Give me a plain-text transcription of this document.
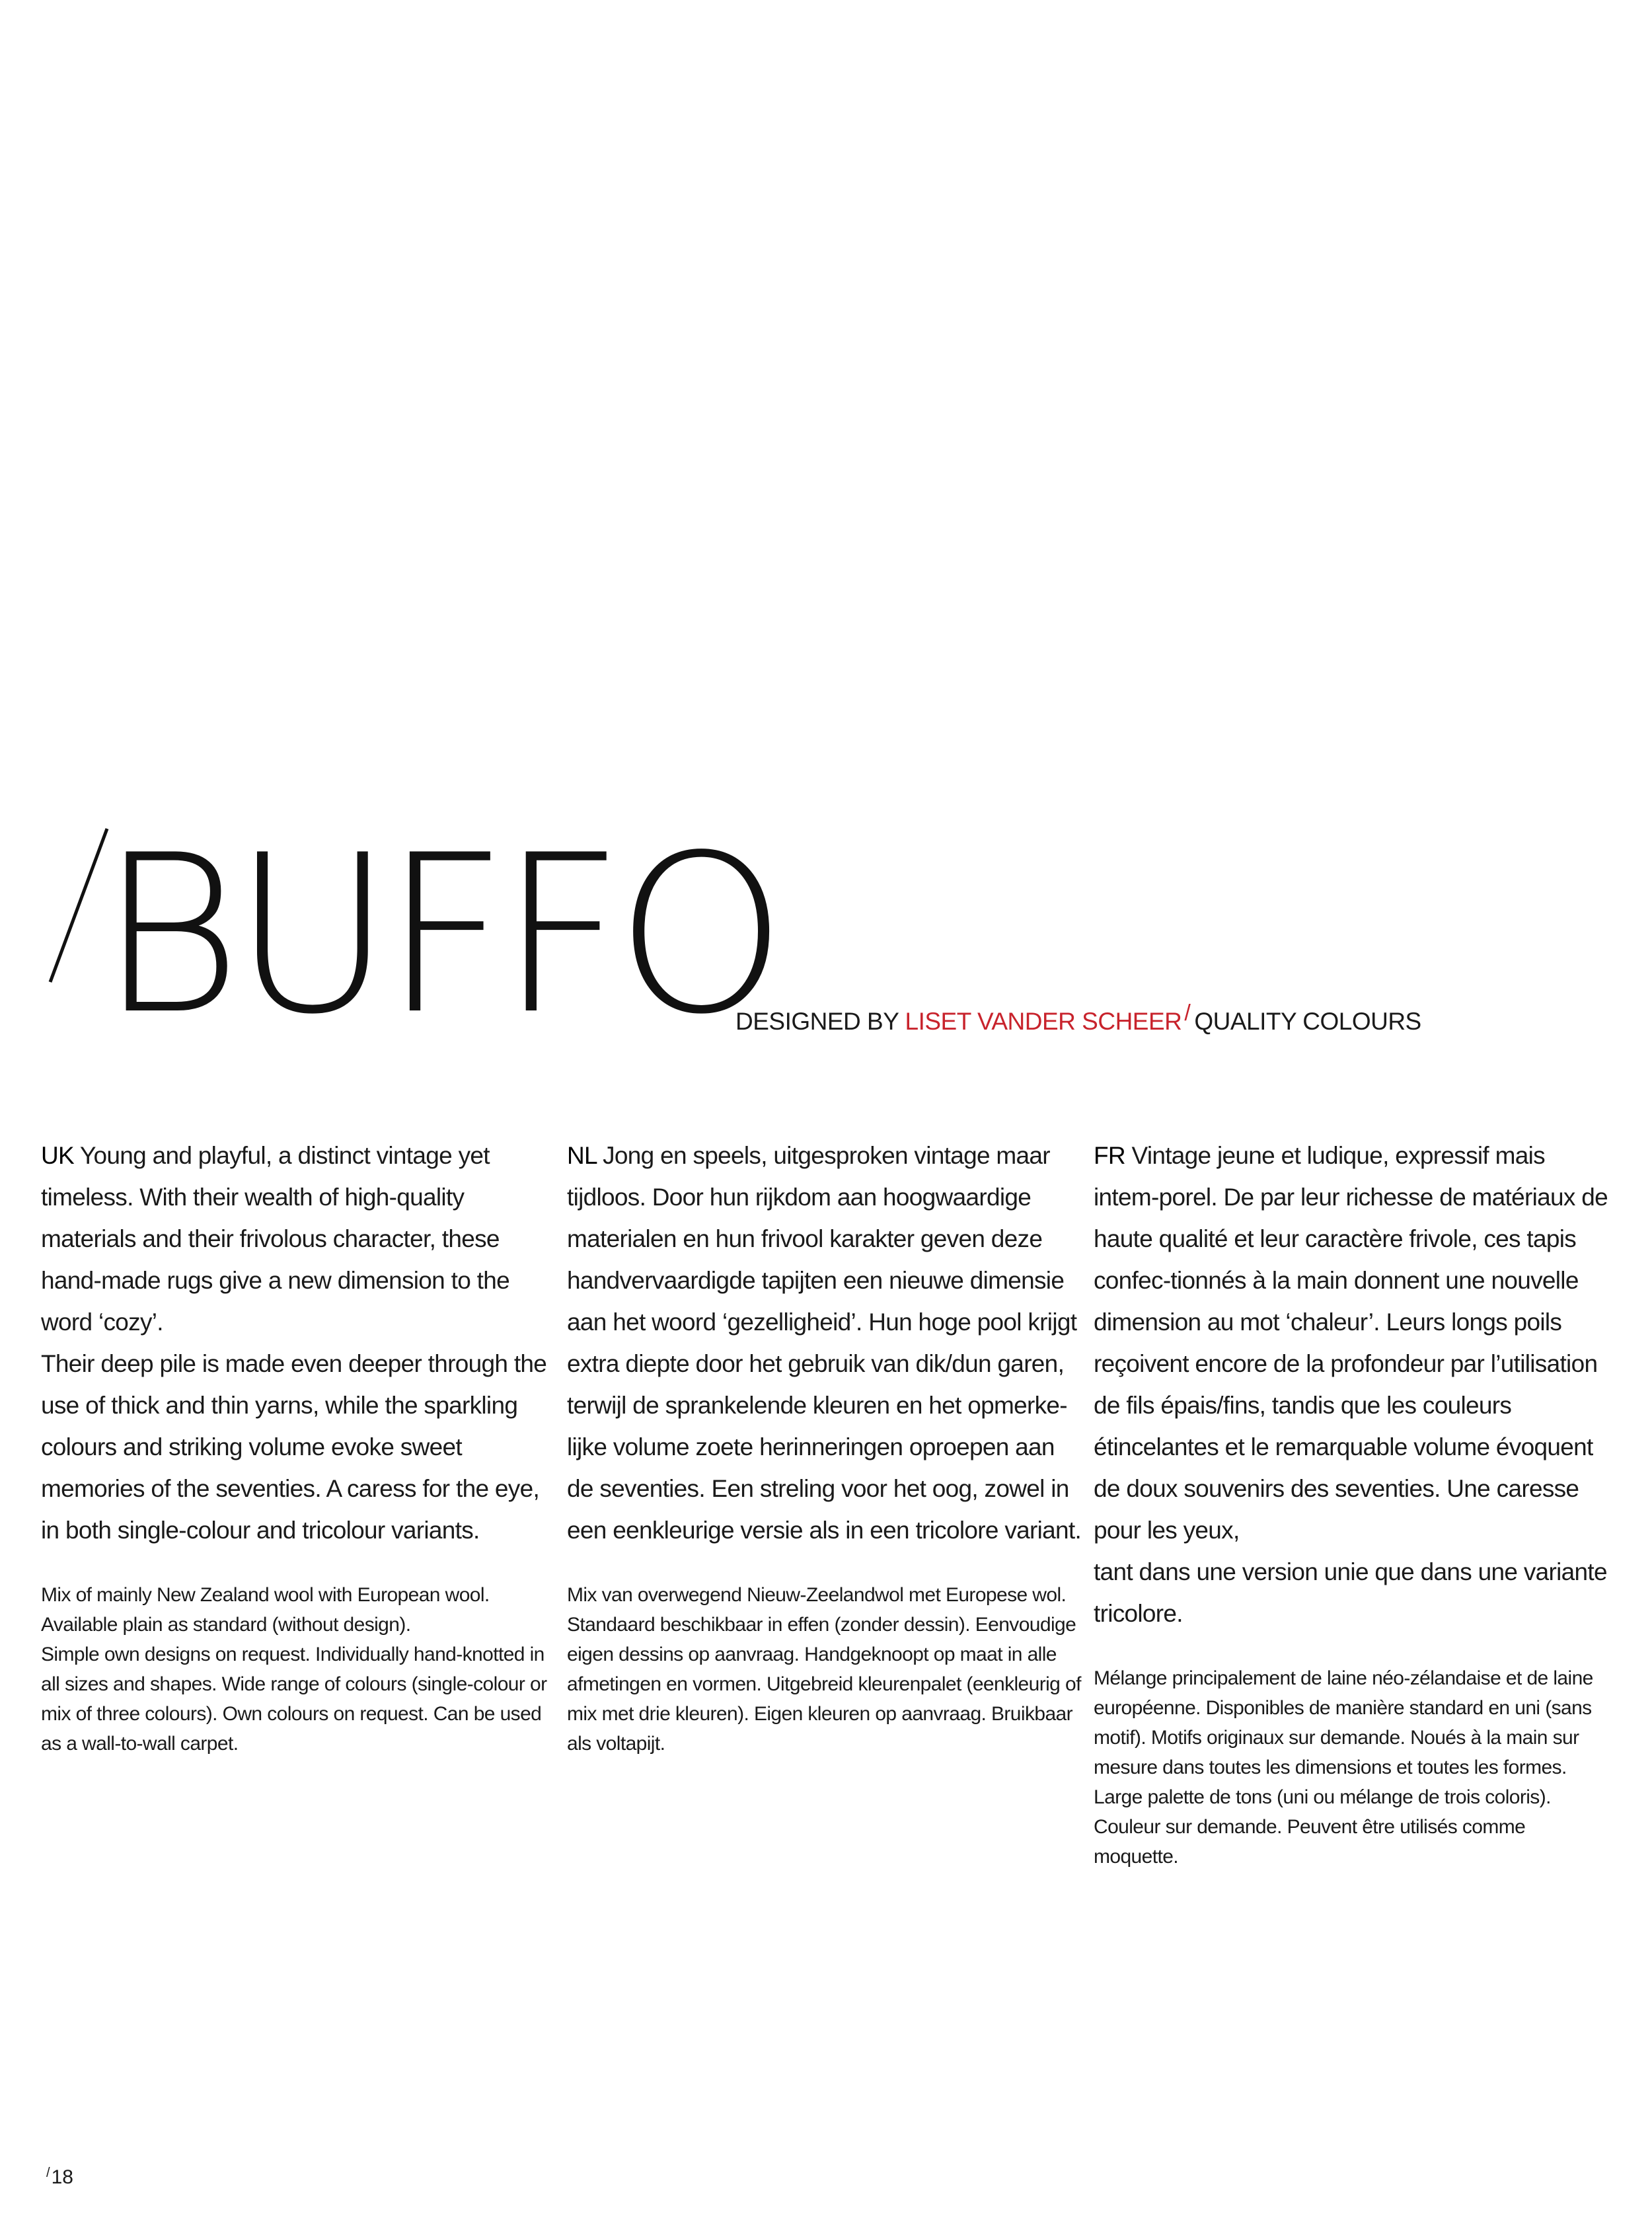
BUFFO
DESIGNED BY LISET VANDER SCHEER / QUALITY COLOURS

UK Young and playful, a distinct vintage yet timeless. With their wealth of high-quality materials and their frivolous character, these hand-made rugs give a new dimension to the word ‘cozy’.
Their deep pile is made even deeper through the use of thick and thin yarns, while the sparkling colours and striking volume evoke sweet memories of the seventies. A caress for the eye, in both single-colour and tricolour variants.

Mix of mainly New Zealand wool with European wool. Available plain as standard (without design).
Simple own designs on request. Individually hand-knotted in all sizes and shapes. Wide range of colours (single-colour or mix of three colours). Own colours on request. Can be used as a wall-to-wall carpet.

NL Jong en speels, uitgesproken vintage maar tijdloos. Door hun rijkdom aan hoogwaardige materialen en hun frivool karakter geven deze handvervaardigde tapijten een nieuwe dimensie aan het woord ‘gezelligheid’. Hun hoge pool krijgt extra diepte door het gebruik van dik/dun garen, terwijl de sprankelende kleuren en het opmerke-lijke volume zoete herinneringen oproepen aan de seventies. Een streling voor het oog, zowel in een eenkleurige versie als in een tricolore variant.

Mix van overwegend Nieuw-Zeelandwol met Europese wol. Standaard beschikbaar in effen (zonder dessin). Eenvoudige eigen dessins op aanvraag. Handgeknoopt op maat in alle afmetingen en vormen. Uitgebreid kleurenpalet (eenkleurig of mix met drie kleuren). Eigen kleuren op aanvraag. Bruikbaar als voltapijt.

FR Vintage jeune et ludique, expressif mais intem-porel. De par leur richesse de matériaux de haute qualité et leur caractère frivole, ces tapis confec-tionnés à la main donnent une nouvelle dimension au mot ‘chaleur’. Leurs longs poils reçoivent encore de la profondeur par l’utilisation de fils épais/fins, tandis que les couleurs étincelantes et le remarquable volume évoquent de doux souvenirs des seventies. Une caresse pour les yeux,
tant dans une version unie que dans une variante tricolore.

Mélange principalement de laine néo-zélandaise et de laine européenne. Disponibles de manière standard en uni (sans motif). Motifs originaux sur demande. Noués à la main sur mesure dans toutes les dimensions et toutes les formes. Large palette de tons (uni ou mélange de trois coloris). Couleur sur demande. Peuvent être utilisés comme moquette.

/18
